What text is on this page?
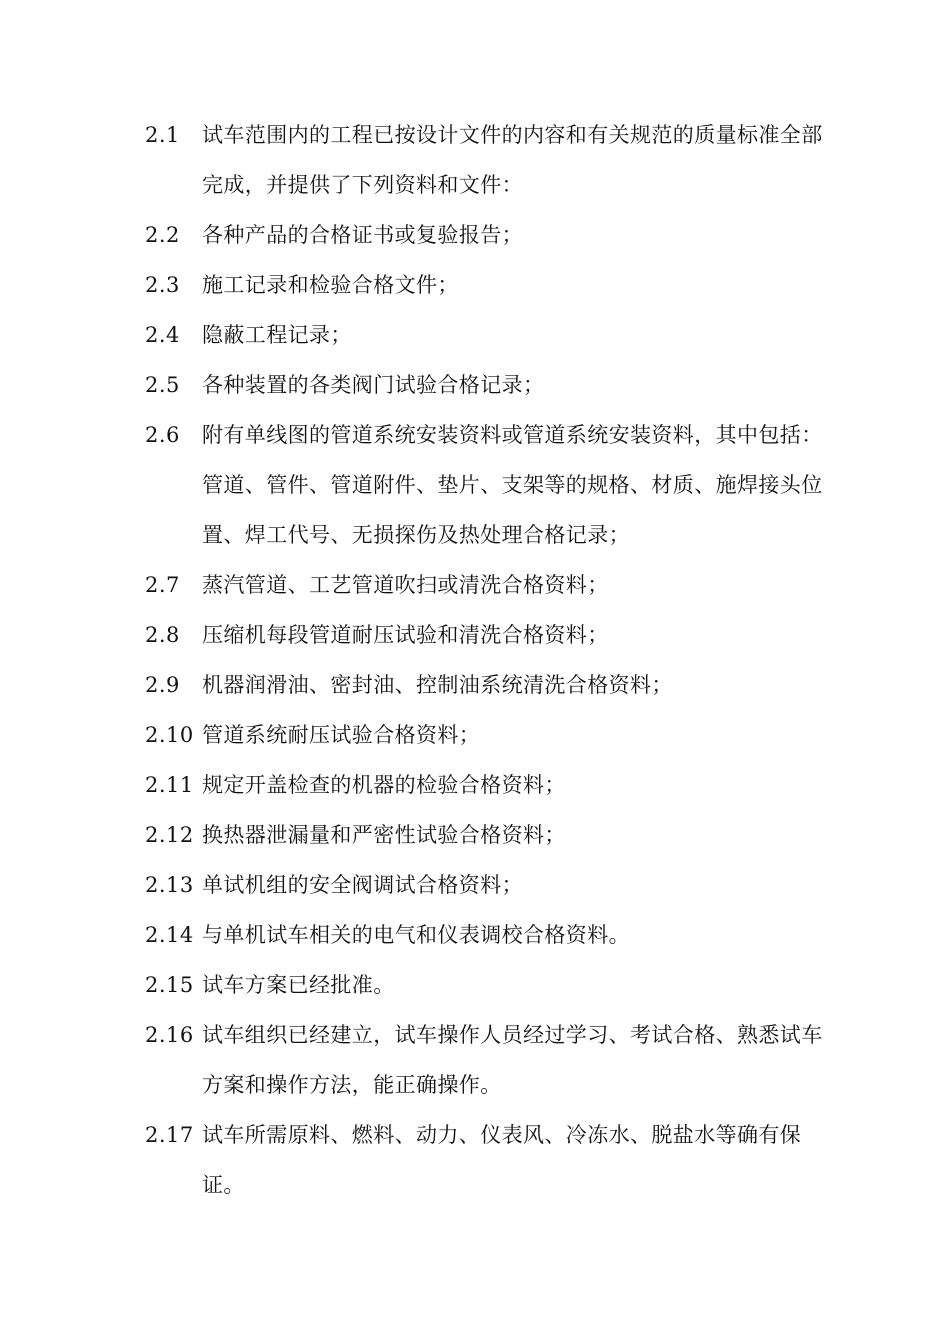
2.1	试车范围内的工程已按设计文件的内容和有关规范的质量标准全部完成，并提供了下列资料和文件：
2.2	各种产品的合格证书或复验报告；
2.3	施工记录和检验合格文件；
2.4	隐蔽工程记录；
2.5	各种装置的各类阀门试验合格记录；
2.6	附有单线图的管道系统安装资料或管道系统安装资料，其中包括：管道、管件、管道附件、垫片、支架等的规格、材质、施焊接头位置、焊工代号、无损探伤及热处理合格记录；
2.7	蒸汽管道、工艺管道吹扫或清洗合格资料；
2.8	压缩机每段管道耐压试验和清洗合格资料；
2.9	机器润滑油、密封油、控制油系统清洗合格资料；
2.10 管道系统耐压试验合格资料；
2.11 规定开盖检查的机器的检验合格资料；
2.12 换热器泄漏量和严密性试验合格资料；
2.13 单试机组的安全阀调试合格资料；
2.14 与单机试车相关的电气和仪表调校合格资料。
2.15 试车方案已经批准。
2.16 试车组织已经建立，试车操作人员经过学习、考试合格、熟悉试车方案和操作方法，能正确操作。
2.17 试车所需原料、燃料、动力、仪表风、冷冻水、脱盐水等确有保证。
